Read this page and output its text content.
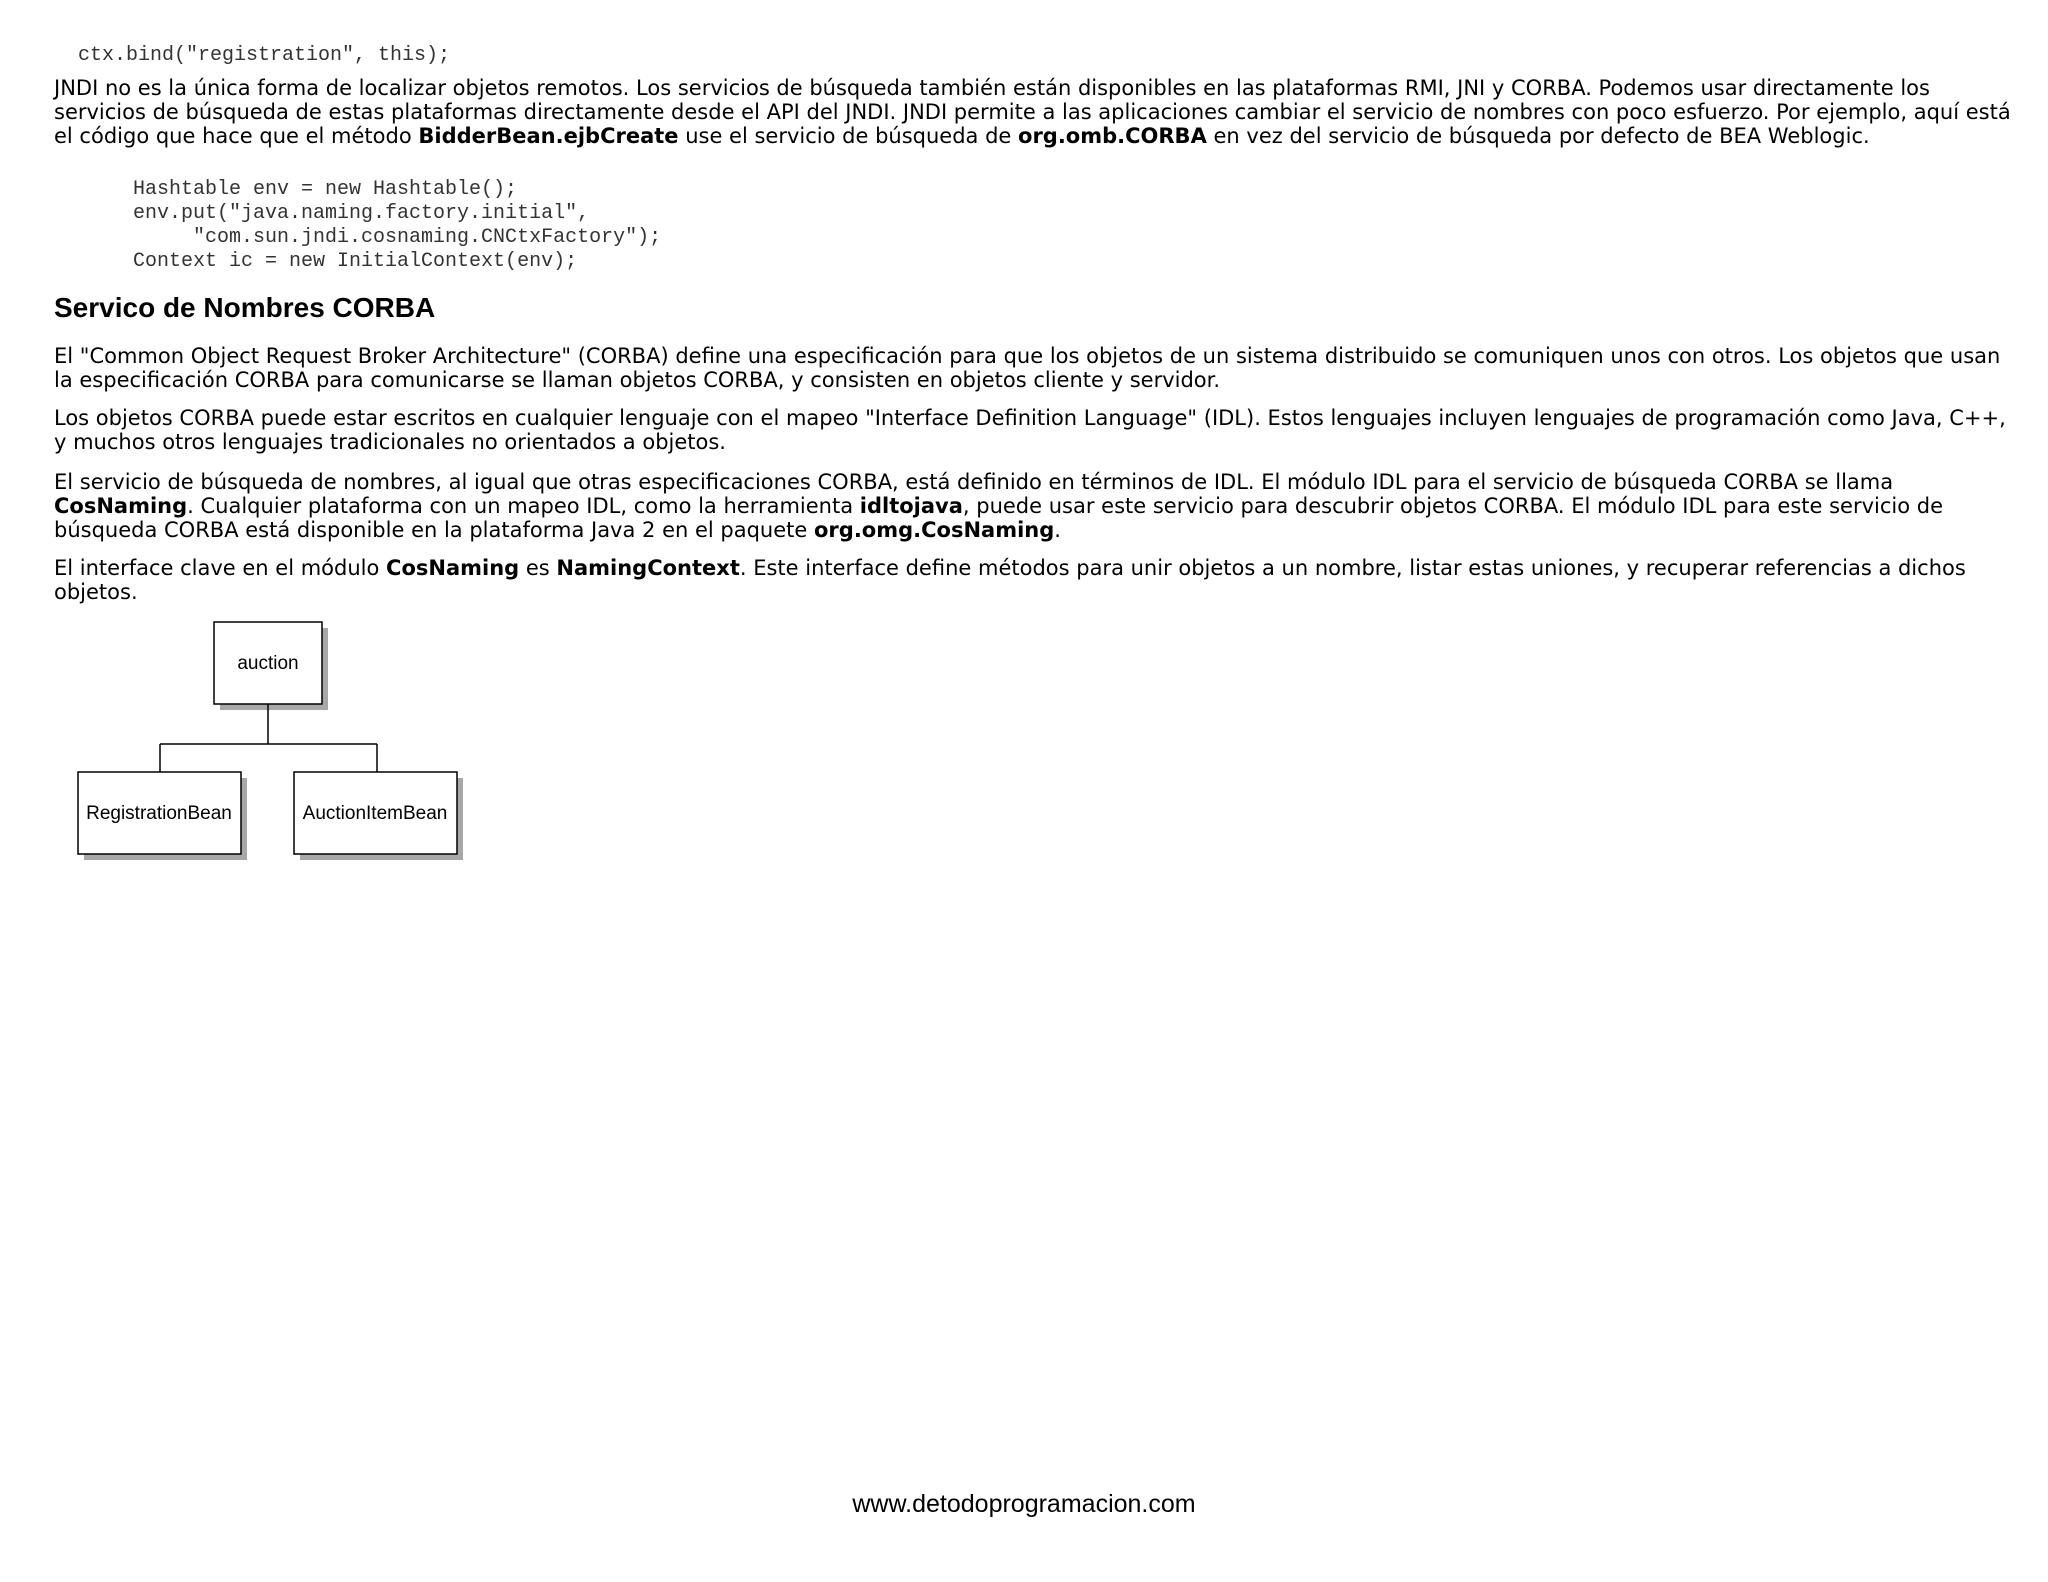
ctx.bind("registration", this);

JNDI no es la única forma de localizar objetos remotos. Los servicios de búsqueda también están disponibles en las plataformas RMI, JNI y CORBA. Podemos usar directamente los servicios de búsqueda de estas plataformas directamente desde el API del JNDI. JNDI permite a las aplicaciones cambiar el servicio de nombres con poco esfuerzo. Por ejemplo, aquí está el código que hace que el método BidderBean.ejbCreate use el servicio de búsqueda de org.omb.CORBA en vez del servicio de búsqueda por defecto de BEA Weblogic.

Hashtable env = new Hashtable();
env.put("java.naming.factory.initial",
"com.sun.jndi.cosnaming.CNCtxFactory");
Context ic = new InitialContext(env);
Servico de Nombres CORBA

El "Common Object Request Broker Architecture" (CORBA) define una especificación para que los objetos de un sistema distribuido se comuniquen unos con otros. Los objetos que usan la especificación CORBA para comunicarse se llaman objetos CORBA, y consisten en objetos cliente y servidor.

Los objetos CORBA puede estar escritos en cualquier lenguaje con el mapeo "Interface Definition Language" (IDL). Estos lenguajes incluyen lenguajes de programación como Java, C++, y muchos otros lenguajes tradicionales no orientados a objetos.

El servicio de búsqueda de nombres, al igual que otras especificaciones CORBA, está definido en términos de IDL. El módulo IDL para el servicio de búsqueda CORBA se llama CosNaming. Cualquier plataforma con un mapeo IDL, como la herramienta idltojava, puede usar este servicio para descubrir objetos CORBA. El módulo IDL para este servicio de búsqueda CORBA está disponible en la plataforma Java 2 en el paquete org.omg.CosNaming.

El interface clave en el módulo CosNaming es NamingContext. Este interface define métodos para unir objetos a un nombre, listar estas uniones, y recuperar referencias a dichos objetos.

auction
RegistrationBean	AuctionItemBean
www.detodoprogramacion.com
